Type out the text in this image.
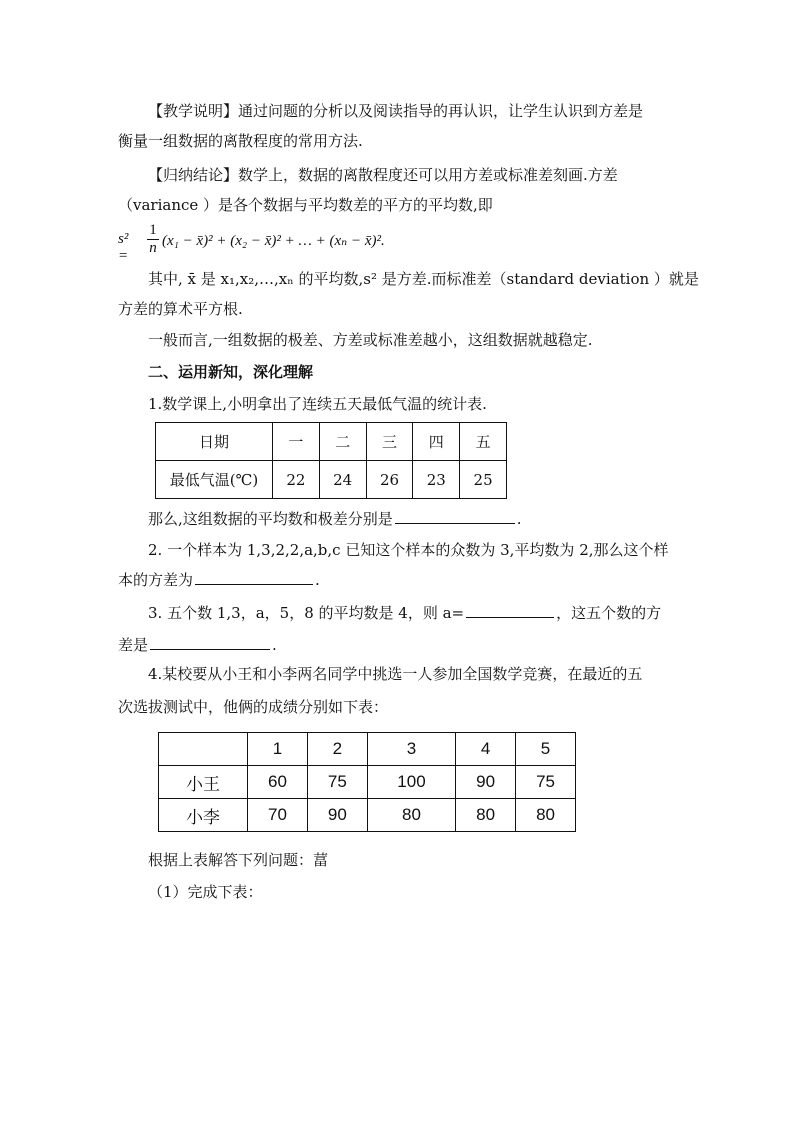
【教学说明】通过问题的分析以及阅读指导的再认识，让学生认识到方差是
衡量一组数据的离散程度的常用方法.
【归纳结论】数学上，数据的离散程度还可以用方差或标准差刻画.方差
（variance ）是各个数据与平均数差的平方的平均数,即
s² =
1
n (x₁ − x̄)² + (x₂ − x̄)² + … + (xₙ − x̄)².
其中, x̄ 是 x₁,x₂,…,xₙ 的平均数,s² 是方差.而标准差（standard deviation ）就是
方差的算术平方根.
一般而言,一组数据的极差、方差或标准差越小，这组数据就越稳定.
二、运用新知，深化理解
1.数学课上,小明拿出了连续五天最低气温的统计表.
日期	一	二	三	四	五
最低气温(℃)	22	24	26	23	25
那么,这组数据的平均数和极差分别是	.
2. 一个样本为 1,3,2,2,a,b,c 已知这个样本的众数为 3,平均数为 2,那么这个样
本的方差为	.
3. 五个数 1,3，a，5，8 的平均数是 4，则 a=	，这五个数的方
差是	.
4.某校要从小王和小李两名同学中挑选一人参加全国数学竞赛，在最近的五
次选拔测试中，他俩的成绩分别如下表：
	1	2	3	4	5
小王	60	75	100	90	75
小李	70	90	80	80	80
根据上表解答下列问题：葍
（1）完成下表：
